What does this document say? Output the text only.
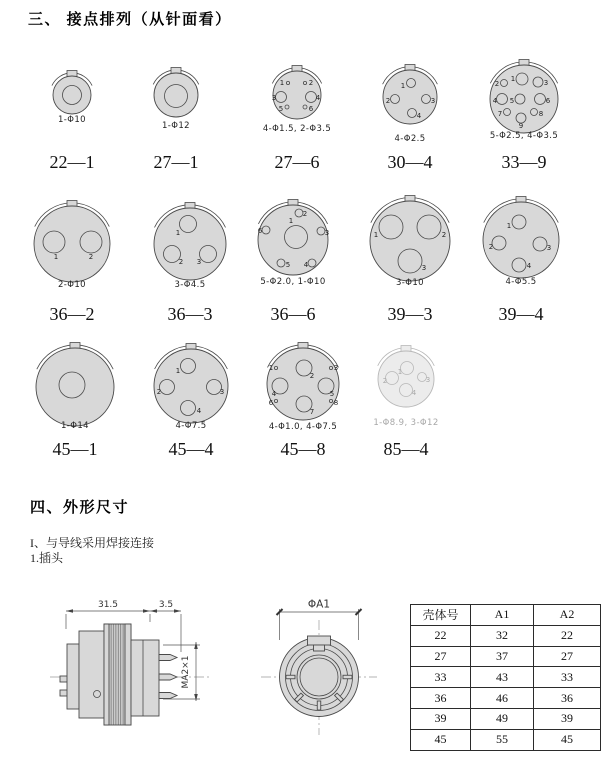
1-Φ10
22—1
1-Φ12
27—1
1	2
3	4
5	6
4-Φ1.5, 2-Φ3.5
27—6
1
2	3
4
4-Φ2.5
30—4
1
2	3
4 5	6
7	8
9
5-Φ2.5, 4-Φ3.5
33—9
1	2
2-Φ10
36—2
1
2 3
3-Φ4.5
36—3
1
2
3
4
5
6
5-Φ2.0, 1-Φ10
36—6
1	2
3
3-Φ10
39—3
1
2	3
4
4-Φ5.5
39—4
1-Φ14
45—1
1
2	3
4
4-Φ7.5
45—4
1
2
3
4	5
6
7
8
4-Φ1.0, 4-Φ7.5
45—8
1
2	3
4
1-Φ8.9, 3-Φ12
85—4
31.5	3.5
MA2×1
ΦA1
三、 接点排列（从针面看）
四、外形尺寸
I、与导线采用焊接连接
1.插头
壳体号	A1	A2
22	32	22
27	37	27
33	43	33
36	46	36
39	49	39
45	55	45
